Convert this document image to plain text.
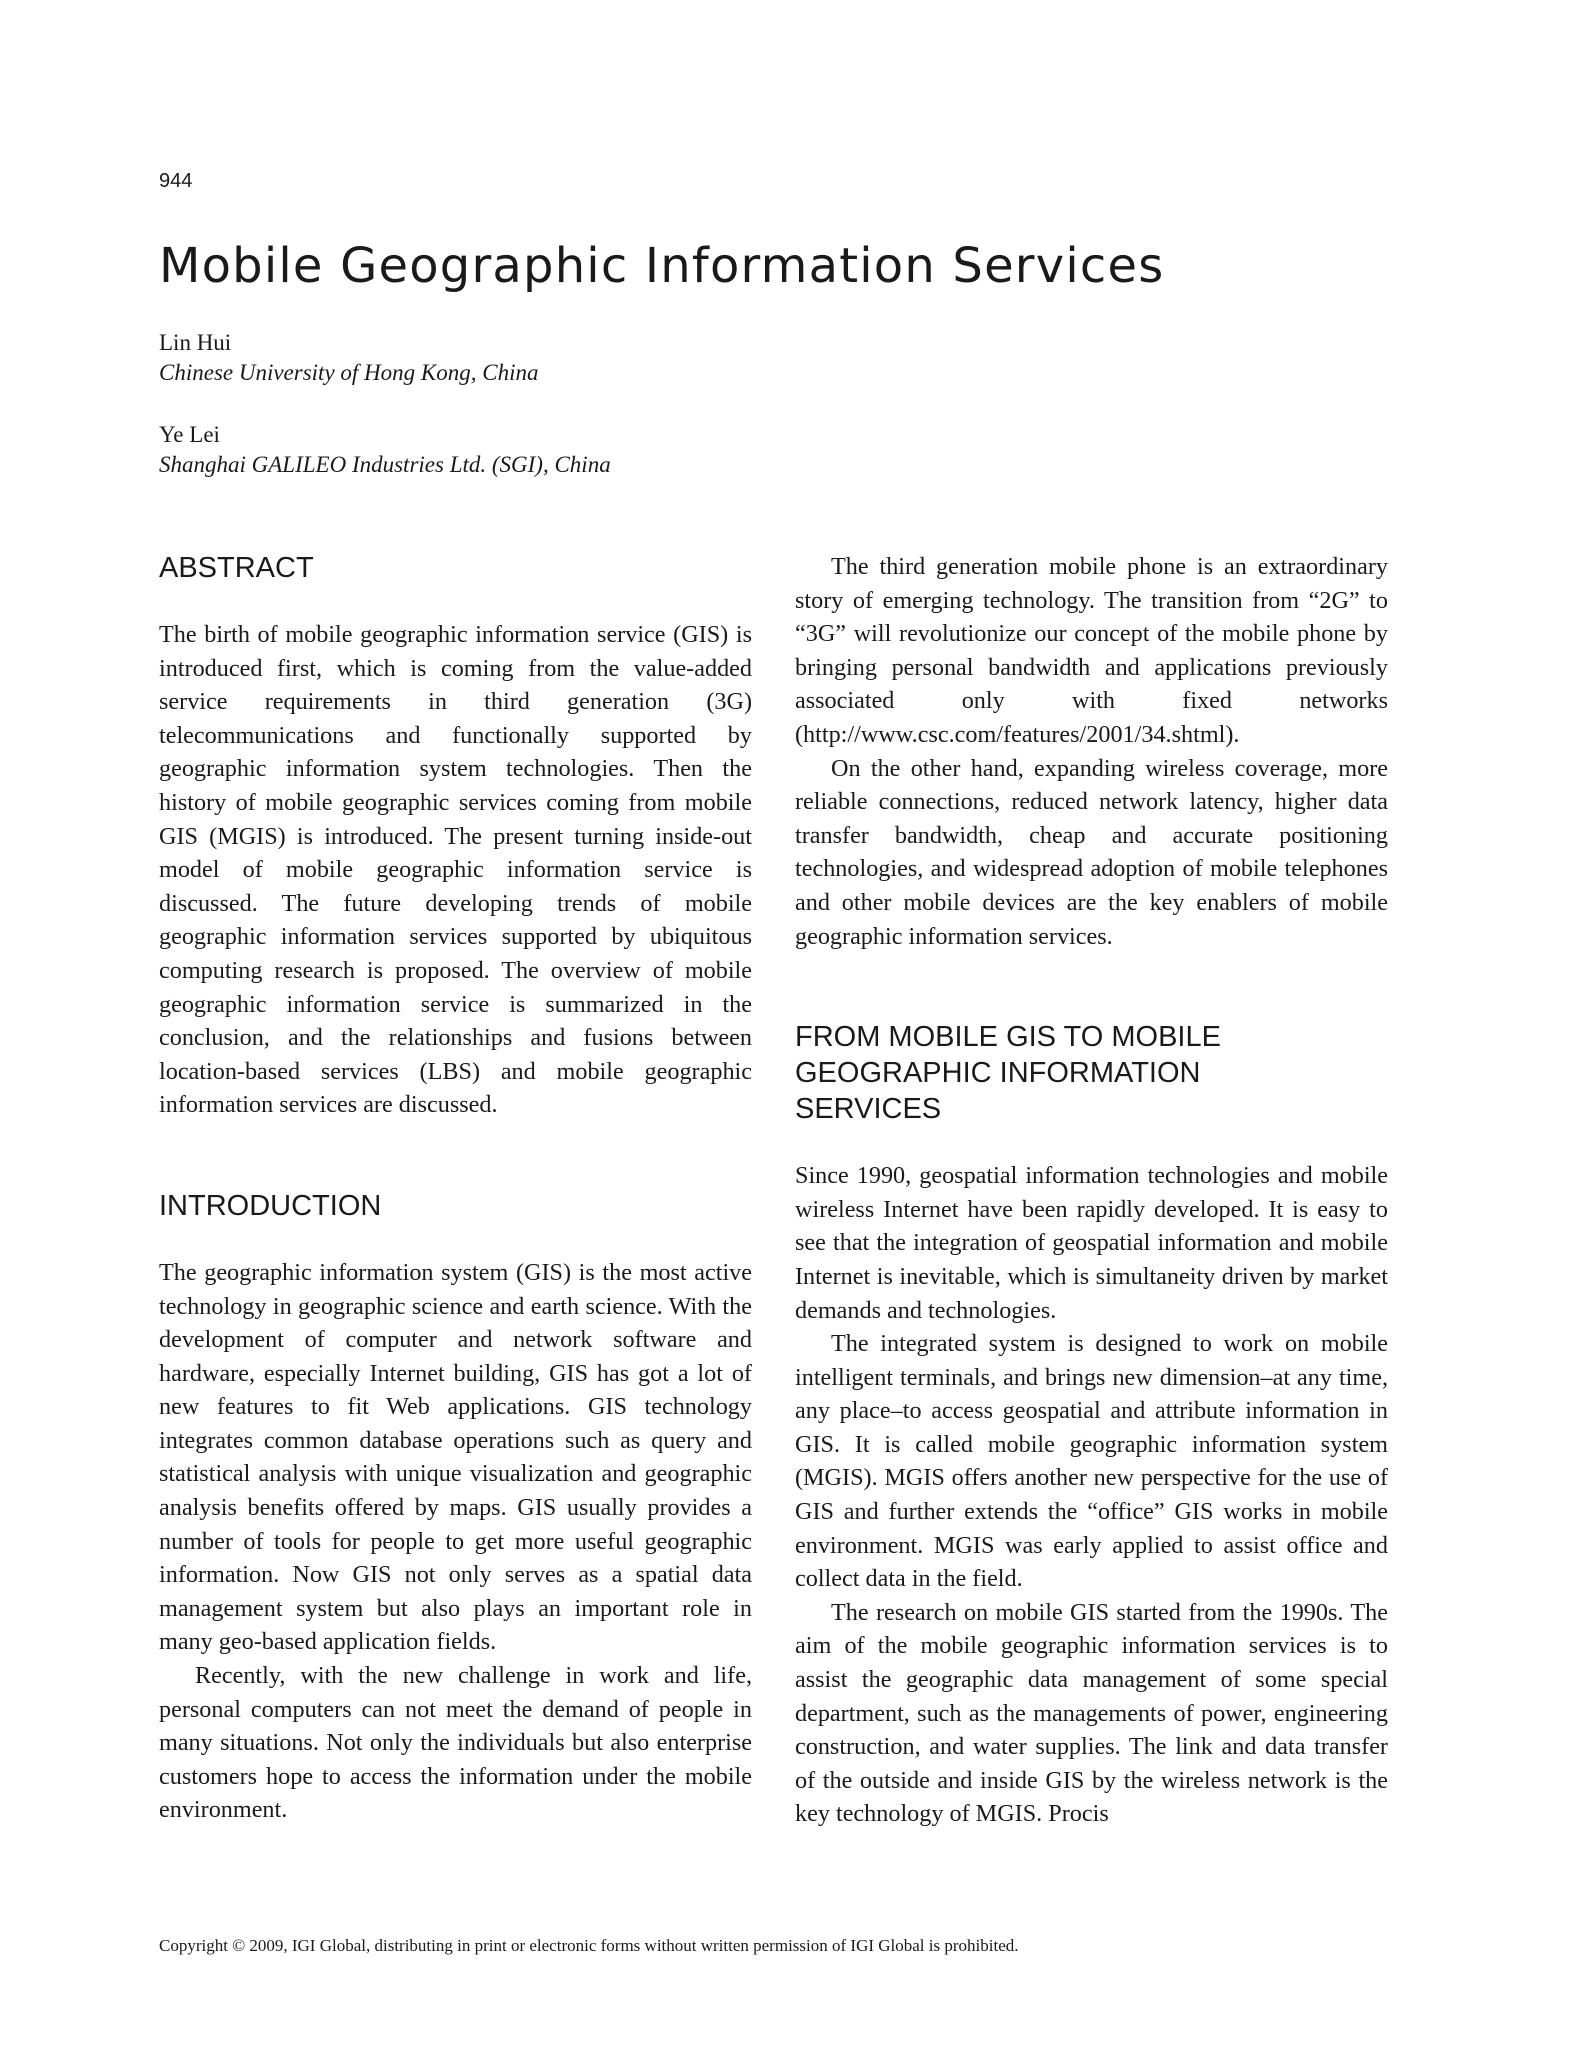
944
Mobile Geographic Information Services
Lin Hui
Chinese University of Hong Kong, China
Ye Lei
Shanghai GALILEO Industries Ltd. (SGI), China
ABSTRACT

The birth of mobile geographic information service (GIS) is introduced first, which is coming from the value-added service requirements in third generation (3G) telecommunications and functionally supported by geographic information system technologies. Then the history of mobile geographic services coming from mobile GIS (MGIS) is introduced. The present turning inside-out model of mobile geographic information service is discussed. The future developing trends of mobile geographic information services supported by ubiquitous computing research is proposed. The overview of mobile geographic information service is summarized in the conclusion, and the relationships and fusions between location-based services (LBS) and mobile geographic information services are discussed.

INTRODUCTION

The geographic information system (GIS) is the most active technology in geographic science and earth science. With the development of computer and network software and hardware, especially Internet building, GIS has got a lot of new features to fit Web applications. GIS technology integrates common database operations such as query and statistical analysis with unique visualization and geographic analysis benefits offered by maps. GIS usually provides a number of tools for people to get more useful geographic information. Now GIS not only serves as a spatial data management system but also plays an important role in many geo-based application fields.

Recently, with the new challenge in work and life, personal computers can not meet the demand of people in many situations. Not only the individuals but also enterprise customers hope to access the information under the mobile environment.

The third generation mobile phone is an extraordinary story of emerging technology. The transition from “2G” to “3G” will revolutionize our concept of the mobile phone by bringing personal bandwidth and applications previously associated only with fixed networks (http://www.csc.com/features/2001/34.shtml).

On the other hand, expanding wireless coverage, more reliable connections, reduced network latency, higher data transfer bandwidth, cheap and accurate positioning technologies, and widespread adoption of mobile telephones and other mobile devices are the key enablers of mobile geographic information services.

FROM MOBILE GIS TO MOBILE GEOGRAPHIC INFORMATION SERVICES

Since 1990, geospatial information technologies and mobile wireless Internet have been rapidly developed. It is easy to see that the integration of geospatial information and mobile Internet is inevitable, which is simultaneity driven by market demands and technologies.

The integrated system is designed to work on mobile intelligent terminals, and brings new dimension–at any time, any place–to access geospatial and attribute information in GIS. It is called mobile geographic information system (MGIS). MGIS offers another new perspective for the use of GIS and further extends the “office” GIS works in mobile environment. MGIS was early applied to assist office and collect data in the field.

The research on mobile GIS started from the 1990s. The aim of the mobile geographic information services is to assist the geographic data management of some special department, such as the managements of power, engineering construction, and water supplies. The link and data transfer of the outside and inside GIS by the wireless network is the key technology of MGIS. Procis

Copyright © 2009, IGI Global, distributing in print or electronic forms without written permission of IGI Global is prohibited.
